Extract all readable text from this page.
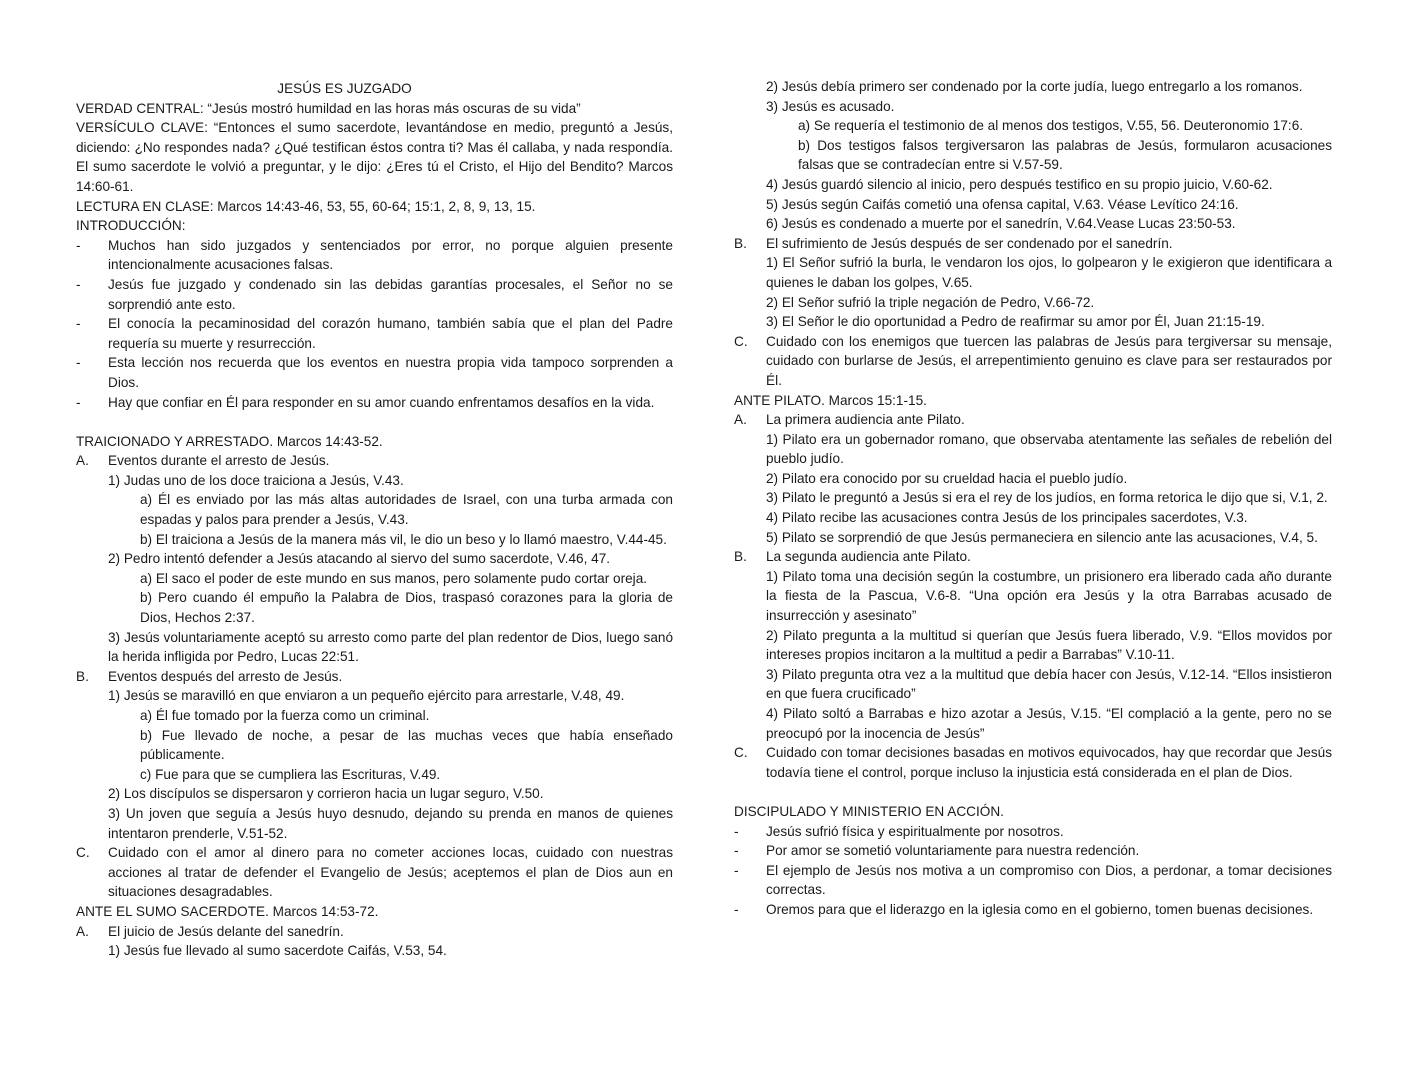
JESÚS ES JUZGADO
VERDAD CENTRAL: “Jesús mostró humildad en las horas más oscuras de su vida”
VERSÍCULO CLAVE: “Entonces el sumo sacerdote, levantándose en medio, preguntó a Jesús, diciendo: ¿No respondes nada? ¿Qué testifican éstos contra ti? Mas él callaba, y nada respondía. El sumo sacerdote le volvió a preguntar, y le dijo: ¿Eres tú el Cristo, el Hijo del Bendito? Marcos 14:60-61.
LECTURA EN CLASE: Marcos 14:43-46, 53, 55, 60-64; 15:1, 2, 8, 9, 13, 15.
INTRODUCCIÓN:
-	Muchos han sido juzgados y sentenciados por error, no porque alguien presente intencionalmente acusaciones falsas.
-	Jesús fue juzgado y condenado sin las debidas garantías procesales, el Señor no se sorprendió ante esto.
-	El conocía la pecaminosidad del corazón humano, también sabía que el plan del Padre requería su muerte y resurrección.
-	Esta lección nos recuerda que los eventos en nuestra propia vida tampoco sorprenden a Dios.
-	Hay que confiar en Él para responder en su amor cuando enfrentamos desafíos en la vida.
TRAICIONADO Y ARRESTADO. Marcos 14:43-52.
A.	Eventos durante el arresto de Jesús.
1) Judas uno de los doce traiciona a Jesús, V.43.
a) Él es enviado por las más altas autoridades de Israel, con una turba armada con espadas y palos para prender a Jesús, V.43.
b) El traiciona a Jesús de la manera más vil, le dio un beso y lo llamó maestro, V.44-45.
2) Pedro intentó defender a Jesús atacando al siervo del sumo sacerdote, V.46, 47.
a) El saco el poder de este mundo en sus manos, pero solamente pudo cortar oreja.
b) Pero cuando él empuño la Palabra de Dios, traspasó corazones para la gloria de Dios, Hechos 2:37.
3) Jesús voluntariamente aceptó su arresto como parte del plan redentor de Dios, luego sanó la herida infligida por Pedro, Lucas 22:51.
B.	Eventos después del arresto de Jesús.
1) Jesús se maravilló en que enviaron a un pequeño ejército para arrestarle, V.48, 49.
a) Él fue tomado por la fuerza como un criminal.
b) Fue llevado de noche, a pesar de las muchas veces que había enseñado públicamente.
c) Fue para que se cumpliera las Escrituras, V.49.
2) Los discípulos se dispersaron y corrieron hacia un lugar seguro, V.50.
3) Un joven que seguía a Jesús huyo desnudo, dejando su prenda en manos de quienes intentaron prenderle, V.51-52.
C.	Cuidado con el amor al dinero para no cometer acciones locas, cuidado con nuestras acciones al tratar de defender el Evangelio de Jesús; aceptemos el plan de Dios aun en situaciones desagradables.
ANTE EL SUMO SACERDOTE. Marcos 14:53-72.
A.	El juicio de Jesús delante del sanedrín.
1) Jesús fue llevado al sumo sacerdote Caifás, V.53, 54.
2) Jesús debía primero ser condenado por la corte judía, luego entregarlo a los romanos.
3) Jesús es acusado.
a) Se requería el testimonio de al menos dos testigos, V.55, 56. Deuteronomio 17:6.
b) Dos testigos falsos tergiversaron las palabras de Jesús, formularon acusaciones falsas que se contradecían entre si V.57-59.
4) Jesús guardó silencio al inicio, pero después testifico en su propio juicio, V.60-62.
5) Jesús según Caifás cometió una ofensa capital, V.63. Véase Levítico 24:16.
6) Jesús es condenado a muerte por el sanedrín, V.64.Vease Lucas 23:50-53.
B.	El sufrimiento de Jesús después de ser condenado por el sanedrín.
1) El Señor sufrió la burla, le vendaron los ojos, lo golpearon y le exigieron que identificara a quienes le daban los golpes, V.65.
2) El Señor sufrió la triple negación de Pedro, V.66-72.
3) El Señor le dio oportunidad a Pedro de reafirmar su amor por Él, Juan 21:15-19.
C.	Cuidado con los enemigos que tuercen las palabras de Jesús para tergiversar su mensaje, cuidado con burlarse de Jesús, el arrepentimiento genuino es clave para ser restaurados por Él.
ANTE PILATO. Marcos 15:1-15.
A.	La primera audiencia ante Pilato.
1) Pilato era un gobernador romano, que observaba atentamente las señales de rebelión del pueblo judío.
2) Pilato era conocido por su crueldad hacia el pueblo judío.
3) Pilato le preguntó a Jesús si era el rey de los judíos, en forma retorica le dijo que si, V.1, 2.
4) Pilato recibe las acusaciones contra Jesús de los principales sacerdotes, V.3.
5) Pilato se sorprendió de que Jesús permaneciera en silencio ante las acusaciones, V.4, 5.
B.	La segunda audiencia ante Pilato.
1) Pilato toma una decisión según la costumbre, un prisionero era liberado cada año durante la fiesta de la Pascua, V.6-8. “Una opción era Jesús y la otra Barrabas acusado de insurrección y asesinato”
2) Pilato pregunta a la multitud si querían que Jesús fuera liberado, V.9. “Ellos movidos por intereses propios incitaron a la multitud a pedir a Barrabas” V.10-11.
3) Pilato pregunta otra vez a la multitud que debía hacer con Jesús, V.12-14. “Ellos insistieron en que fuera crucificado”
4) Pilato soltó a Barrabas e hizo azotar a Jesús, V.15. “El complació a la gente, pero no se preocupó por la inocencia de Jesús”
C.	Cuidado con tomar decisiones basadas en motivos equivocados, hay que recordar que Jesús todavía tiene el control, porque incluso la injusticia está considerada en el plan de Dios.
DISCIPULADO Y MINISTERIO EN ACCIÓN.
-	Jesús sufrió física y espiritualmente por nosotros.
-	Por amor se sometió voluntariamente para nuestra redención.
-	El ejemplo de Jesús nos motiva a un compromiso con Dios, a perdonar, a tomar decisiones correctas.
-	Oremos para que el liderazgo en la iglesia como en el gobierno, tomen buenas decisiones.
